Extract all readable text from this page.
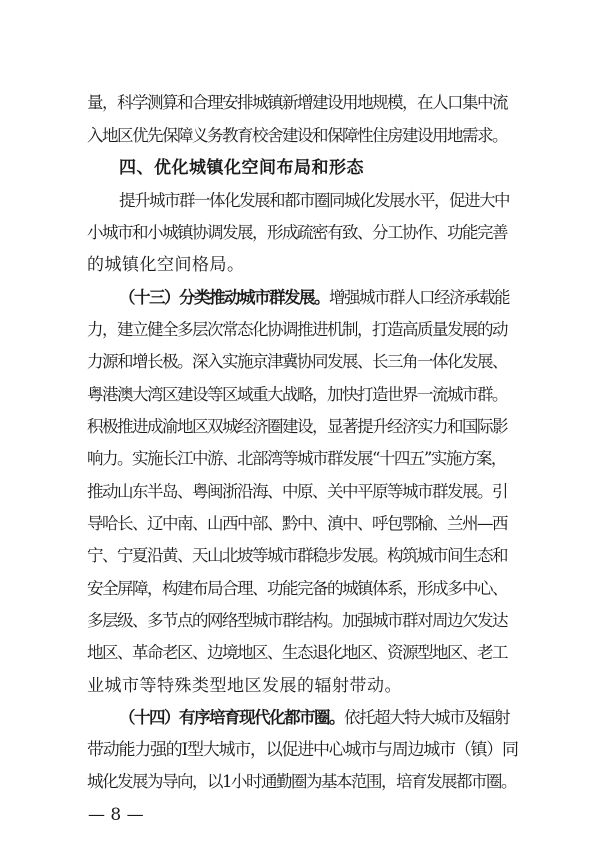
量，科学测算和合理安排城镇新增建设用地规模，在人口集中流
入地区优先保障义务教育校舍建设和保障性住房建设用地需求。
四、优化城镇化空间布局和形态
提升城市群一体化发展和都市圈同城化发展水平，促进大中
小城市和小城镇协调发展，形成疏密有致、分工协作、功能完善
的城镇化空间格局。
（十三）分类推动城市群发展。增强城市群人口经济承载能
力，建立健全多层次常态化协调推进机制，打造高质量发展的动
力源和增长极。深入实施京津冀协同发展、长三角一体化发展、
粤港澳大湾区建设等区域重大战略，加快打造世界一流城市群。
积极推进成渝地区双城经济圈建设，显著提升经济实力和国际影
响力。实施长江中游、北部湾等城市群发展“十四五”实施方案，
推动山东半岛、粤闽浙沿海、中原、关中平原等城市群发展。引
导哈长、辽中南、山西中部、黔中、滇中、呼包鄂榆、兰州—西
宁、宁夏沿黄、天山北坡等城市群稳步发展。构筑城市间生态和
安全屏障，构建布局合理、功能完备的城镇体系，形成多中心、
多层级、多节点的网络型城市群结构。加强城市群对周边欠发达
地区、革命老区、边境地区、生态退化地区、资源型地区、老工
业城市等特殊类型地区发展的辐射带动。
（十四）有序培育现代化都市圈。依托超大特大城市及辐射
带动能力强的Ⅰ型大城市，以促进中心城市与周边城市（镇）同
城化发展为导向，以1小时通勤圈为基本范围，培育发展都市圈。
— 8 —
